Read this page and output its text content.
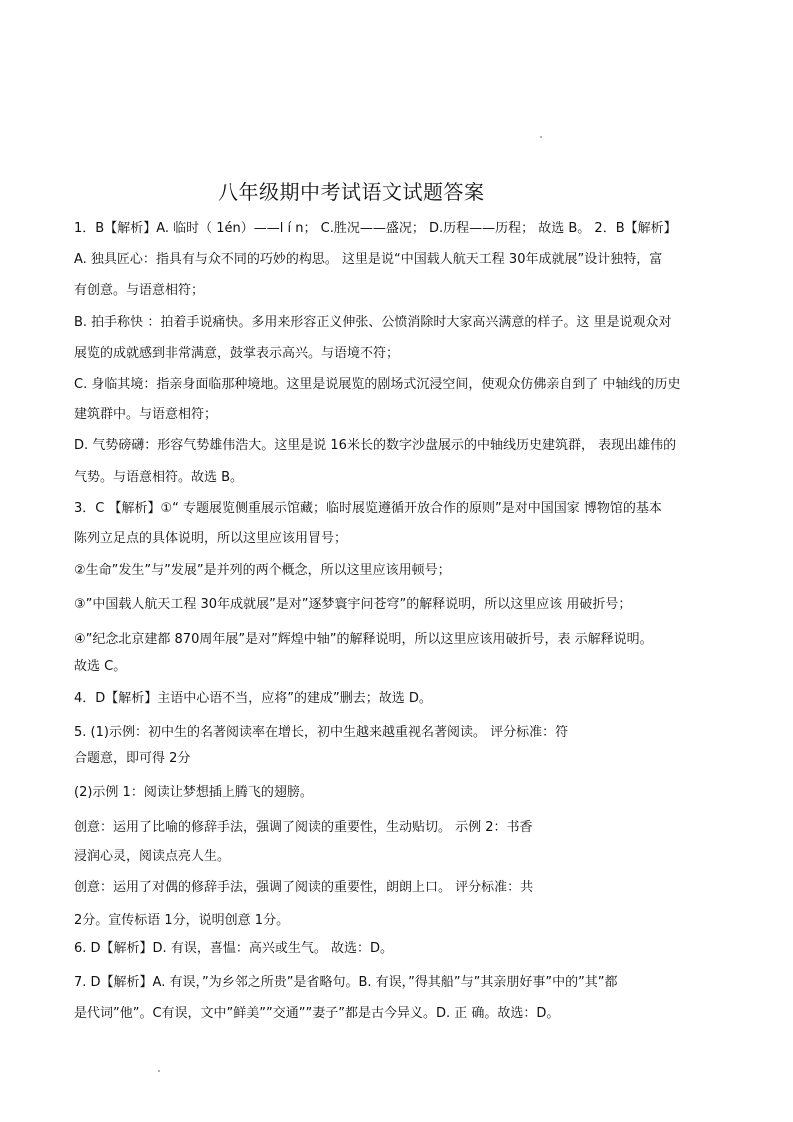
八年级期中考试语文试题答案
1．B【解析】A. 临时（ 1én）——l í n； C.胜况——盛况； D.历程——历程； 故选 B。 2．B【解析】
A. 独具匠心：指具有与众不同的巧妙的构思。 这里是说“中国载人航天工程 30年成就展”设计独特，富
有创意。与语意相符；
B. 拍手称快 ：拍着手说痛快。多用来形容正义伸张、公愤消除时大家高兴满意的样子。这 里是说观众对
展览的成就感到非常满意，鼓掌表示高兴。与语境不符；
C. 身临其境：指亲身面临那种境地。这里是说展览的剧场式沉浸空间，使观众仿佛亲自到了 中轴线的历史
建筑群中。与语意相符；
D. 气势磅礴：形容气势雄伟浩大。这里是说 16米长的数字沙盘展示的中轴线历史建筑群， 表现出雄伟的
气势。与语意相符。故选 B。
3．C 【解析】①“ 专题展览侧重展示馆藏；临时展览遵循开放合作的原则”是对中国国家 博物馆的基本
陈列立足点的具体说明，所以这里应该用冒号；
②生命”发生”与”发展”是并列的两个概念，所以这里应该用顿号；
③”中国载人航天工程 30年成就展”是对”逐梦寰宇问苍穹”的解释说明，所以这里应该 用破折号；
④”纪念北京建都 870周年展”是对”辉煌中轴”的解释说明，所以这里应该用破折号，表 示解释说明。
故选 C。
4．D【解析】主语中心语不当，应将”的建成”删去；故选 D。
5. (1)示例：初中生的名著阅读率在增长，初中生越来越重视名著阅读。 评分标准：符
合题意，即可得 2分
(2)示例 1：阅读让梦想插上腾飞的翅膀。
创意：运用了比喻的修辞手法，强调了阅读的重要性，生动贴切。 示例 2：书香
浸润心灵，阅读点亮人生。
创意：运用了对偶的修辞手法，强调了阅读的重要性，朗朗上口。 评分标准：共
2分。宣传标语 1分，说明创意 1分。
6. D【解析】D. 有误，喜愠：高兴或生气。 故选：D。
7. D【解析】A. 有误，”为乡邻之所贵”是省略句。B. 有误，”得其船”与”其亲朋好事”中的”其”都
是代词”他”。C有误，文中”鲜美””交通””妻子”都是古今异义。D. 正 确。故选：D。
